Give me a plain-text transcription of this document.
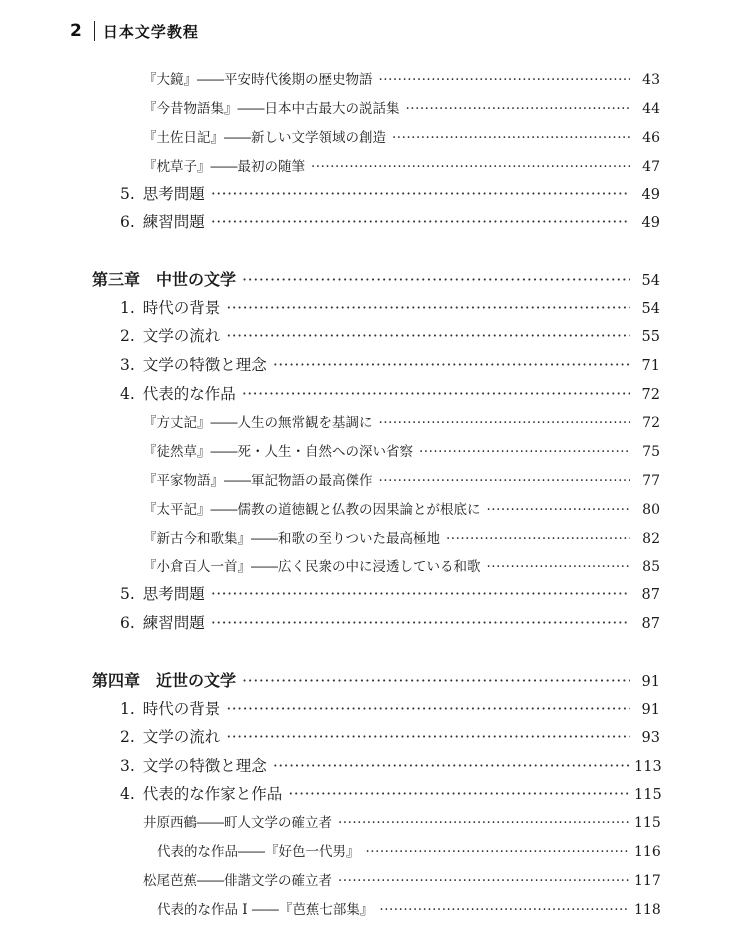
2 日本文学教程
『大鏡』――平安時代後期の歴史物語 ·····	43
『今昔物語集』――日本中古最大の説話集 ·····	44
『土佐日記』――新しい文学領域の創造 ·····	46
『枕草子』――最初の随筆 ·····	47
5. 思考問題 ·····	49
6. 練習問題 ·····	49
第三章　中世の文学 ·····	54
1. 時代の背景 ·····	54
2. 文学の流れ ·····	55
3. 文学の特徴と理念 ·····	71
4. 代表的な作品 ·····	72
『方丈記』――人生の無常観を基調に ·····	72
『徒然草』――死・人生・自然への深い省察 ·····	75
『平家物語』――軍記物語の最高傑作 ·····	77
『太平記』――儒教の道徳観と仏教の因果論とが根底に ·····	80
『新古今和歌集』――和歌の至りついた最高極地 ·····	82
『小倉百人一首』――広く民衆の中に浸透している和歌 ·····	85
5. 思考問題 ·····	87
6. 練習問題 ·····	87
第四章　近世の文学 ·····	91
1. 時代の背景 ·····	91
2. 文学の流れ ·····	93
3. 文学の特徴と理念 ·····	113
4. 代表的な作家と作品 ·····	115
井原西鶴――町人文学の確立者 ·····	115
代表的な作品――『好色一代男』 ·····	116
松尾芭蕉――俳諧文学の確立者 ·····	117
代表的な作品 I ――『芭蕉七部集』 ·····	118
